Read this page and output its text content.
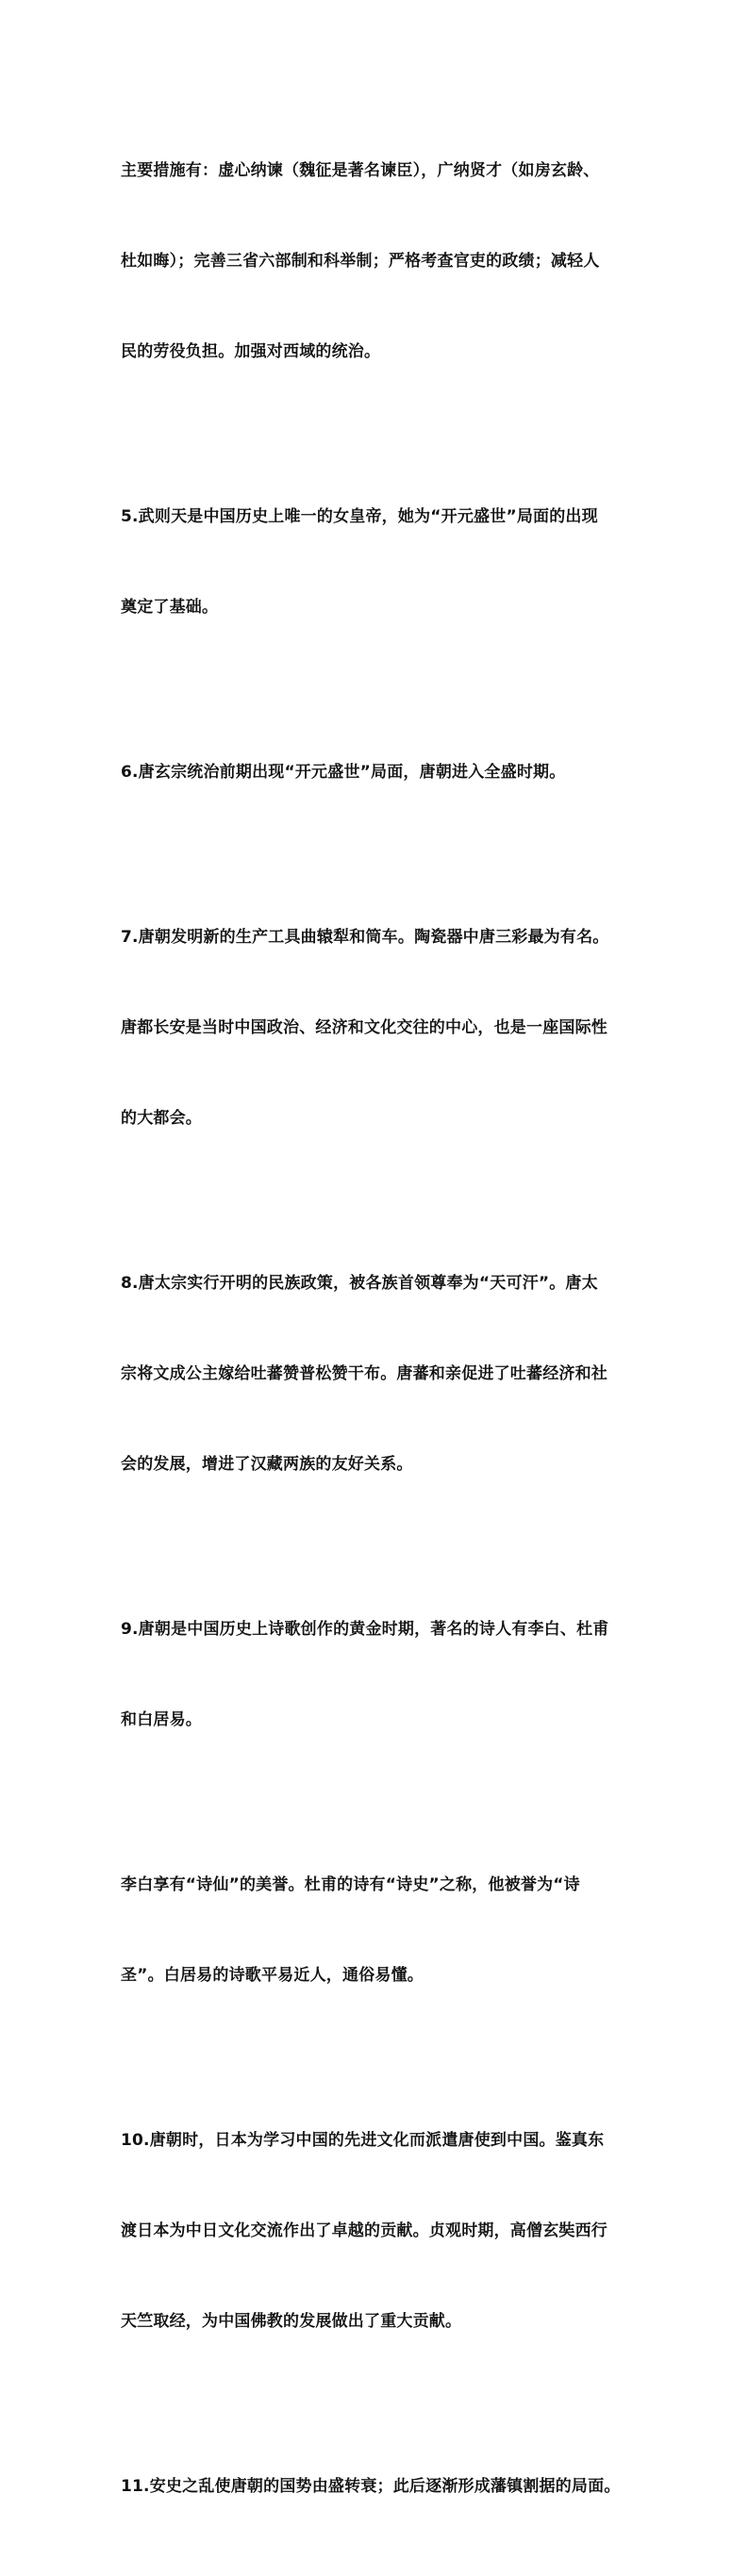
主要措施有：虚心纳谏（魏征是著名谏臣），广纳贤才（如房玄龄、

杜如晦）；完善三省六部制和科举制；严格考查官吏的政绩；减轻人

民的劳役负担。加强对西域的统治。

5.武则天是中国历史上唯一的女皇帝，她为“开元盛世”局面的出现

奠定了基础。

6.唐玄宗统治前期出现“开元盛世”局面，唐朝进入全盛时期。

7.唐朝发明新的生产工具曲辕犁和筒车。陶瓷器中唐三彩最为有名。

唐都长安是当时中国政治、经济和文化交往的中心，也是一座国际性

的大都会。

8.唐太宗实行开明的民族政策，被各族首领尊奉为“天可汗”。唐太

宗将文成公主嫁给吐蕃赞普松赞干布。唐蕃和亲促进了吐蕃经济和社

会的发展，增进了汉藏两族的友好关系。

9.唐朝是中国历史上诗歌创作的黄金时期，著名的诗人有李白、杜甫

和白居易。

李白享有“诗仙”的美誉。杜甫的诗有“诗史”之称，他被誉为“诗

圣”。白居易的诗歌平易近人，通俗易懂。

10.唐朝时，日本为学习中国的先进文化而派遣唐使到中国。鉴真东

渡日本为中日文化交流作出了卓越的贡献。贞观时期，高僧玄奘西行

天竺取经，为中国佛教的发展做出了重大贡献。

11.安史之乱使唐朝的国势由盛转衰；此后逐渐形成藩镇割据的局面。
